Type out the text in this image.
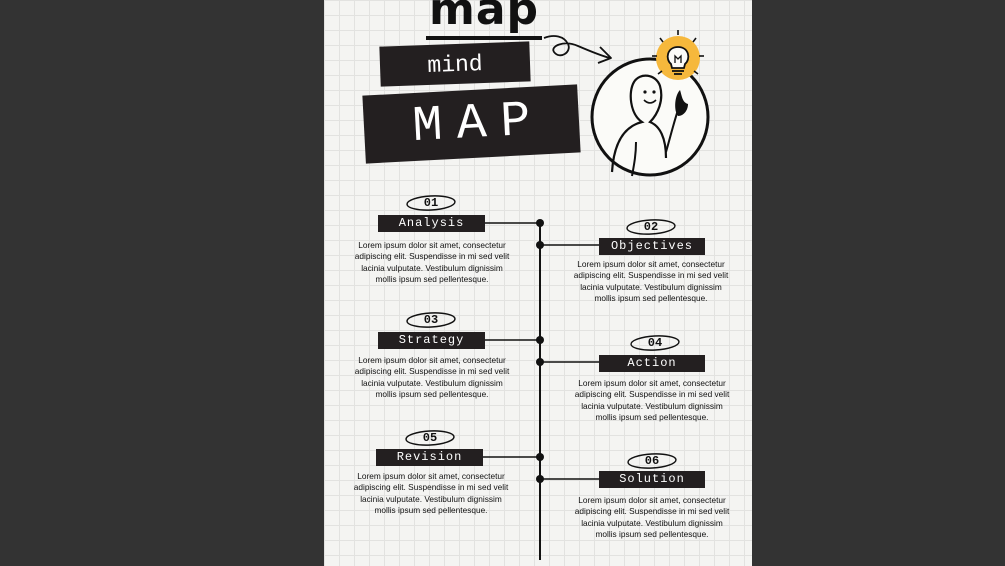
map
mind
MAP
01
Analysis
Lorem ipsum dolor sit amet, consectetur adipiscing elit. Suspendisse in mi sed velit lacinia vulputate. Vestibulum dignissim mollis ipsum sed pellentesque.
02
Objectives
Lorem ipsum dolor sit amet, consectetur adipiscing elit. Suspendisse in mi sed velit lacinia vulputate. Vestibulum dignissim mollis ipsum sed pellentesque.
03
Strategy
Lorem ipsum dolor sit amet, consectetur adipiscing elit. Suspendisse in mi sed velit lacinia vulputate. Vestibulum dignissim mollis ipsum sed pellentesque.
04
Action
Lorem ipsum dolor sit amet, consectetur adipiscing elit. Suspendisse in mi sed velit lacinia vulputate. Vestibulum dignissim mollis ipsum sed pellentesque.
05
Revision
Lorem ipsum dolor sit amet, consectetur adipiscing elit. Suspendisse in mi sed velit lacinia vulputate. Vestibulum dignissim mollis ipsum sed pellentesque.
06
Solution
Lorem ipsum dolor sit amet, consectetur adipiscing elit. Suspendisse in mi sed velit lacinia vulputate. Vestibulum dignissim mollis ipsum sed pellentesque.
